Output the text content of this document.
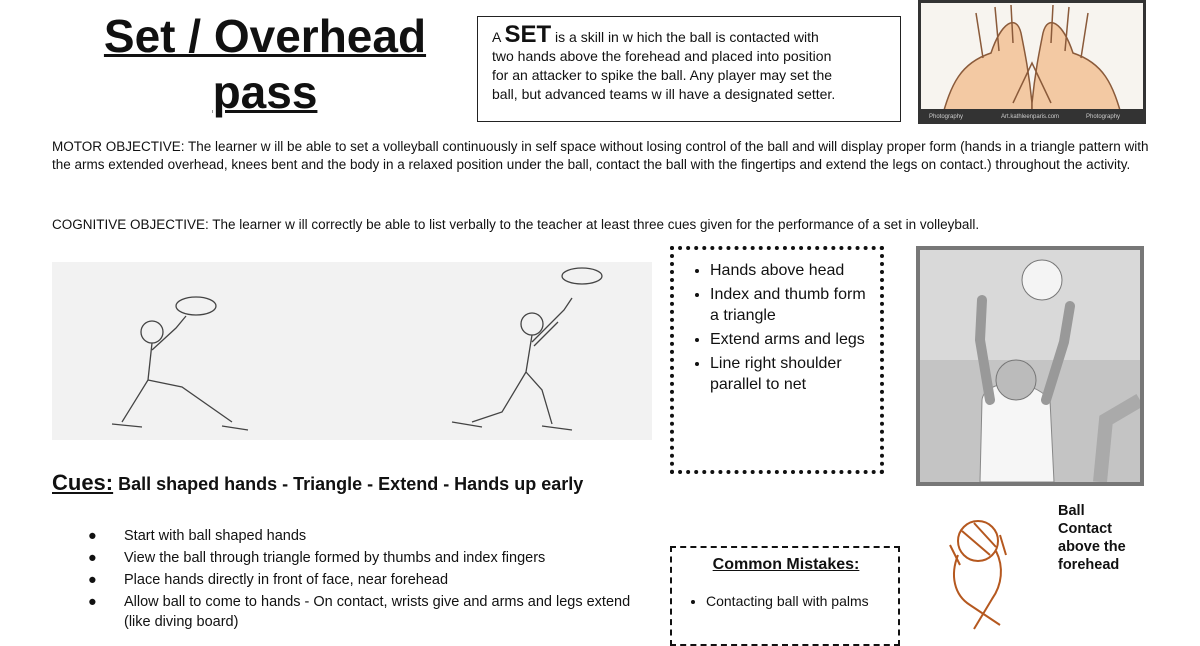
Set / Overhead
pass
A SET is a skill in w hich the ball is contacted with
two hands above the forehead and placed into position
for an attacker to spike the ball. Any player may set the
ball, but advanced teams w ill have a designated setter.
Photography	Art.kathleenparis.com	Photography
MOTOR OBJECTIVE: The learner w ill be able to set a volleyball continuously in self space without losing control of the ball and will display proper form (hands in a triangle pattern with the arms extended overhead, knees bent and the body in a relaxed position under the ball, contact the ball with the fingertips and extend the legs on contact.) throughout the activity.
COGNITIVE OBJECTIVE: The learner w ill correctly be able to list verbally to the teacher at least three cues given for the performance of a set in volleyball.
• Hands above head
• Index and thumb form a triangle
• Extend arms and legs
• Line right shoulder parallel to net
Cues: Ball shaped hands - Triangle - Extend - Hands up early
●	Start with ball shaped hands
●	View the ball through triangle formed by thumbs and index fingers
●	Place hands directly in front of face, near forehead
●	Allow ball to come to hands - On contact, wrists give and arms and legs extend (like diving board)
Common Mistakes:
• Contacting ball with palms
Ball
Contact
above the
forehead
